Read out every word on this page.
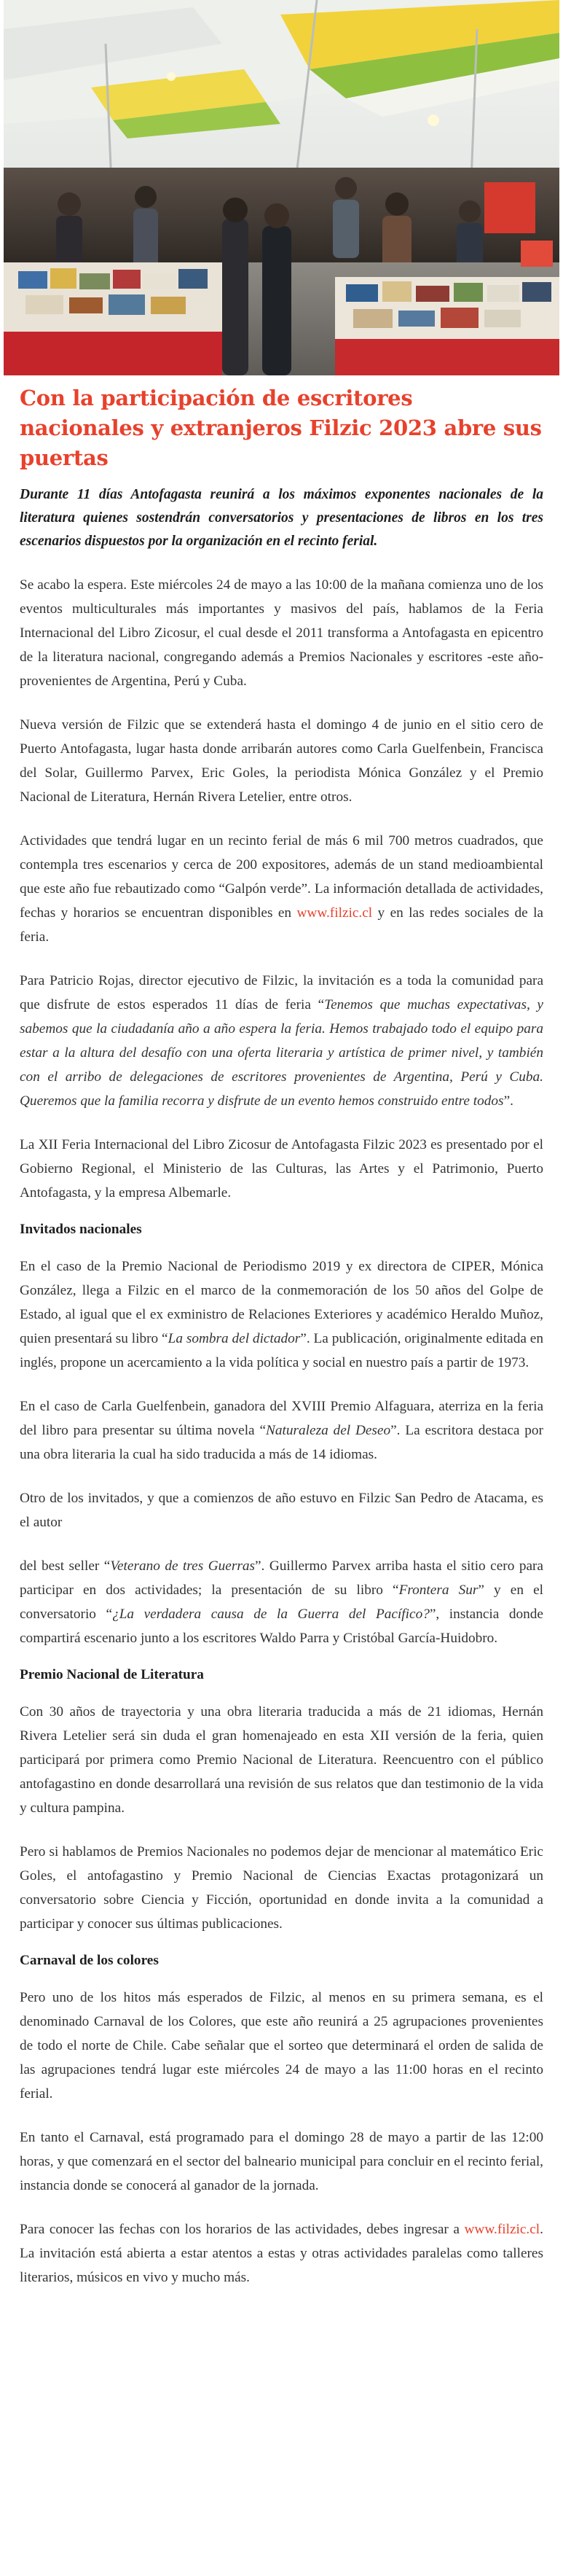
Con la participación de escritores nacionales y extranjeros Filzic 2023 abre sus puertas

Durante 11 días Antofagasta reunirá a los máximos exponentes nacionales de la literatura quienes sostendrán conversatorios y presentaciones de libros en los tres escenarios dispuestos por la organización en el recinto ferial.

Se acabo la espera. Este miércoles 24 de mayo a las 10:00 de la mañana comienza uno de los eventos multiculturales más importantes y masivos del país, hablamos de la Feria Internacional del Libro Zicosur, el cual desde el 2011 transforma a Antofagasta en epicentro de la literatura nacional, congregando además a Premios Nacionales y escritores -este año- provenientes de Argentina, Perú y Cuba.

Nueva versión de Filzic que se extenderá hasta el domingo 4 de junio en el sitio cero de Puerto Antofagasta, lugar hasta donde arribarán autores como Carla Guelfenbein, Francisca del Solar, Guillermo Parvex, Eric Goles, la periodista Mónica González y el Premio Nacional de Literatura, Hernán Rivera Letelier, entre otros.

Actividades que tendrá lugar en un recinto ferial de más 6 mil 700 metros cuadrados, que contempla tres escenarios y cerca de 200 expositores, además de un stand medioambiental que este año fue rebautizado como “Galpón verde”. La información detallada de actividades, fechas y horarios se encuentran disponibles en www.filzic.cl y en las redes sociales de la feria.

Para Patricio Rojas, director ejecutivo de Filzic, la invitación es a toda la comunidad para que disfrute de estos esperados 11 días de feria “Tenemos que muchas expectativas, y sabemos que la ciudadanía año a año espera la feria. Hemos trabajado todo el equipo para estar a la altura del desafío con una oferta literaria y artística de primer nivel, y también con el arribo de delegaciones de escritores provenientes de Argentina, Perú y Cuba. Queremos que la familia recorra y disfrute de un evento hemos construido entre todos”.

La XII Feria Internacional del Libro Zicosur de Antofagasta Filzic 2023 es presentado por el Gobierno Regional, el Ministerio de las Culturas, las Artes y el Patrimonio, Puerto Antofagasta, y la empresa Albemarle.

Invitados nacionales

En el caso de la Premio Nacional de Periodismo 2019 y ex directora de CIPER, Mónica González, llega a Filzic en el marco de la conmemoración de los 50 años del Golpe de Estado, al igual que el ex exministro de Relaciones Exteriores y académico Heraldo Muñoz, quien presentará su libro “La sombra del dictador”. La publicación, originalmente editada en inglés, propone un acercamiento a la vida política y social en nuestro país a partir de 1973.

En el caso de Carla Guelfenbein, ganadora del XVIII Premio Alfaguara, aterriza en la feria del libro para presentar su última novela “Naturaleza del Deseo”. La escritora destaca por una obra literaria la cual ha sido traducida a más de 14 idiomas.

Otro de los invitados, y que a comienzos de año estuvo en Filzic San Pedro de Atacama, es el autor

del best seller “Veterano de tres Guerras”. Guillermo Parvex arriba hasta el sitio cero para participar en dos actividades; la presentación de su libro “Frontera Sur” y en el conversatorio “¿La verdadera causa de la Guerra del Pacífico?”, instancia donde compartirá escenario junto a los escritores Waldo Parra y Cristóbal García-Huidobro.

Premio Nacional de Literatura

Con 30 años de trayectoria y una obra literaria traducida a más de 21 idiomas, Hernán Rivera Letelier será sin duda el gran homenajeado en esta XII versión de la feria, quien participará por primera como Premio Nacional de Literatura. Reencuentro con el público antofagastino en donde desarrollará una revisión de sus relatos que dan testimonio de la vida y cultura pampina.

Pero si hablamos de Premios Nacionales no podemos dejar de mencionar al matemático Eric Goles, el antofagastino y Premio Nacional de Ciencias Exactas protagonizará un conversatorio sobre Ciencia y Ficción, oportunidad en donde invita a la comunidad a participar y conocer sus últimas publicaciones.

Carnaval de los colores

Pero uno de los hitos más esperados de Filzic, al menos en su primera semana, es el denominado Carnaval de los Colores, que este año reunirá a 25 agrupaciones provenientes de todo el norte de Chile. Cabe señalar que el sorteo que determinará el orden de salida de las agrupaciones tendrá lugar este miércoles 24 de mayo a las 11:00 horas en el recinto ferial.

En tanto el Carnaval, está programado para el domingo 28 de mayo a partir de las 12:00 horas, y que comenzará en el sector del balneario municipal para concluir en el recinto ferial, instancia donde se conocerá al ganador de la jornada.

Para conocer las fechas con los horarios de las actividades, debes ingresar a www.filzic.cl. La invitación está abierta a estar atentos a estas y otras actividades paralelas como talleres literarios, músicos en vivo y mucho más.
